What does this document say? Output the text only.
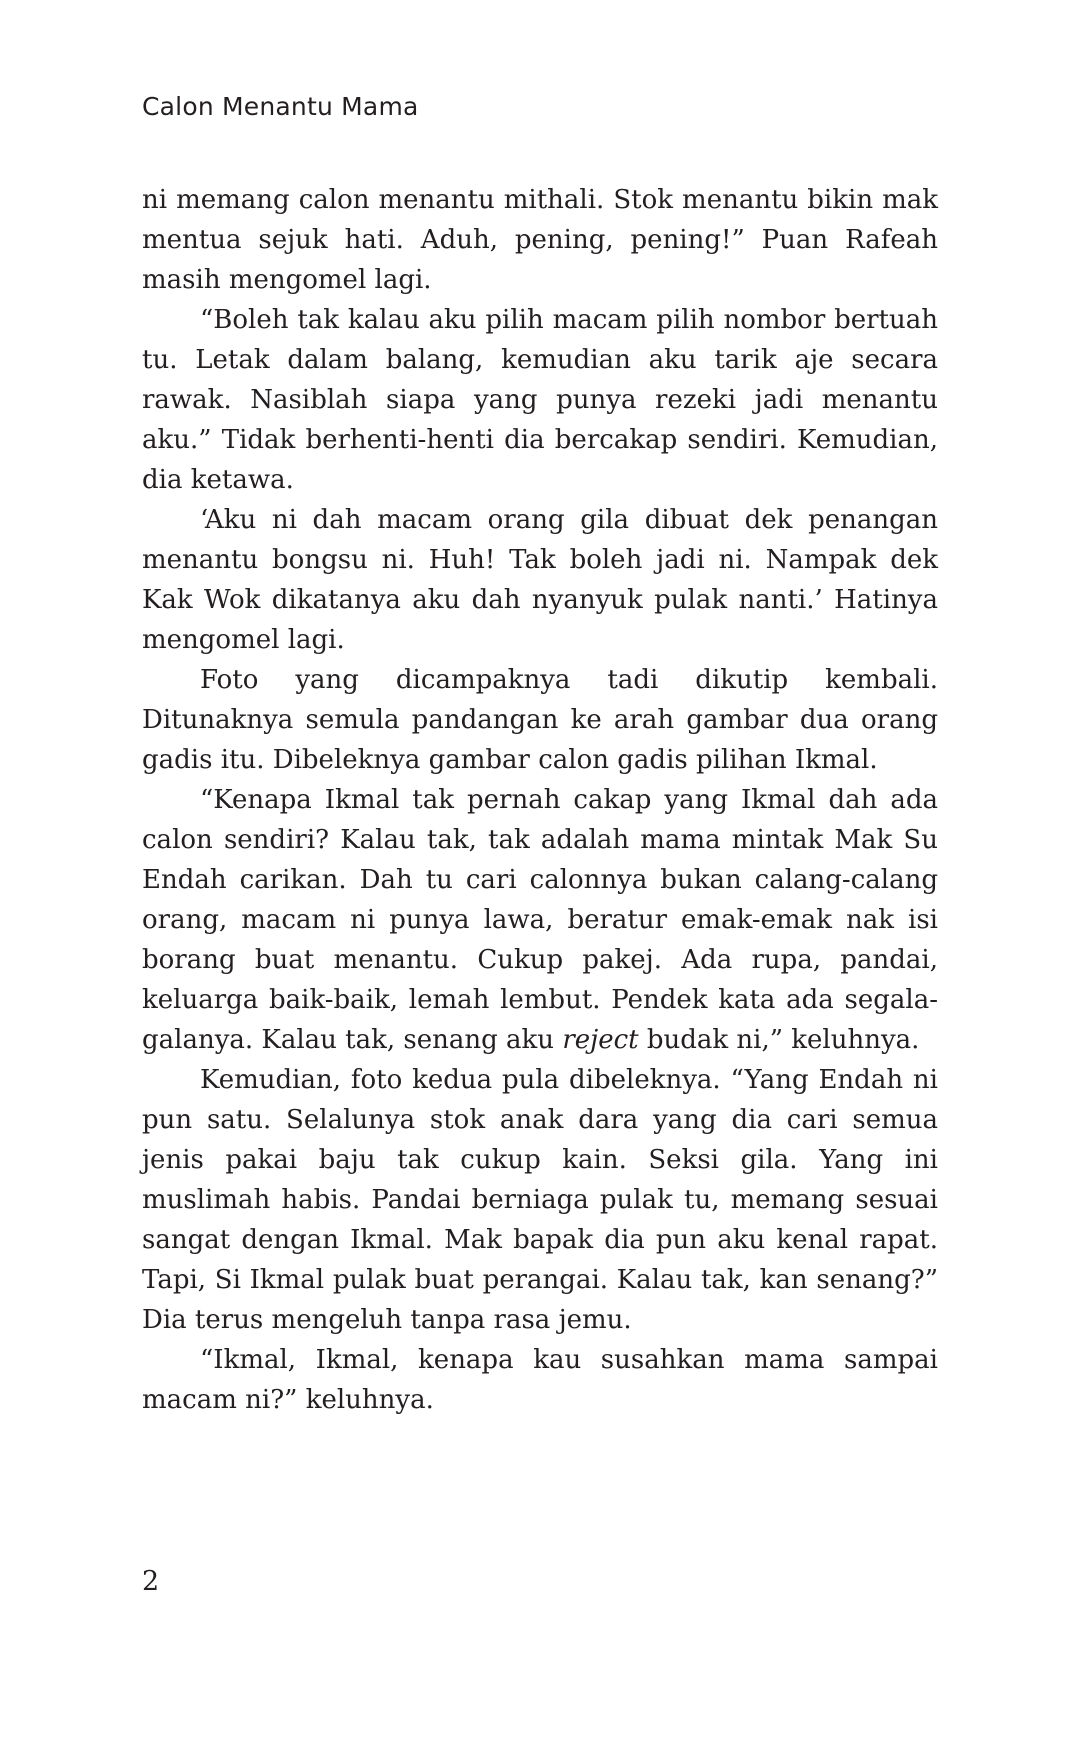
Calon Menantu Mama

ni memang calon menantu mithali. Stok menantu bikin mak mentua sejuk hati. Aduh, pening, pening!” Puan Rafeah masih mengomel lagi.

“Boleh tak kalau aku pilih macam pilih nombor bertuah tu. Letak dalam balang, kemudian aku tarik aje secara rawak. Nasiblah siapa yang punya rezeki jadi menantu aku.” Tidak berhenti-henti dia bercakap sendiri. Kemudian, dia ketawa.

‘Aku ni dah macam orang gila dibuat dek penangan menantu bongsu ni. Huh! Tak boleh jadi ni. Nampak dek Kak Wok dikatanya aku dah nyanyuk pulak nanti.’ Hatinya mengomel lagi.

Foto yang dicampaknya tadi dikutip kembali. Ditunaknya semula pandangan ke arah gambar dua orang gadis itu. Dibeleknya gambar calon gadis pilihan Ikmal.

“Kenapa Ikmal tak pernah cakap yang Ikmal dah ada calon sendiri? Kalau tak, tak adalah mama mintak Mak Su Endah carikan. Dah tu cari calonnya bukan calang-calang orang, macam ni punya lawa, beratur emak-emak nak isi borang buat menantu. Cukup pakej. Ada rupa, pandai, keluarga baik-baik, lemah lembut. Pendek kata ada segala-galanya. Kalau tak, senang aku reject budak ni,” keluhnya.

Kemudian, foto kedua pula dibeleknya. “Yang Endah ni pun satu. Selalunya stok anak dara yang dia cari semua jenis pakai baju tak cukup kain. Seksi gila. Yang ini muslimah habis. Pandai berniaga pulak tu, memang sesuai sangat dengan Ikmal. Mak bapak dia pun aku kenal rapat. Tapi, Si Ikmal pulak buat perangai. Kalau tak, kan senang?” Dia terus mengeluh tanpa rasa jemu.

“Ikmal, Ikmal, kenapa kau susahkan mama sampai macam ni?” keluhnya.

2
